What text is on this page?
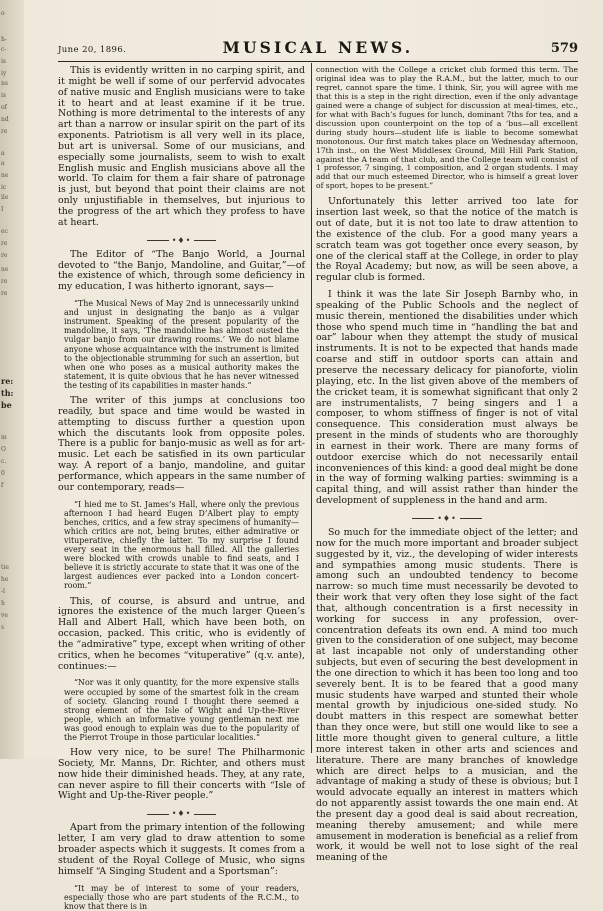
o
h-
c-
is
iy
ns
is
of
nd
re
a
a
ne
ic
ile
I
ec
re
re
ne
re
re
re:
th:
be
m
O
c.
0
f
tie
he
-l
h
ve
s
June 20, 1896.	MUSICAL NEWS.	579

This is evidently written in no carping spirit, and it might be well if some of our perfervid advocates of native music and English musicians were to take it to heart and at least examine if it be true. Nothing is more detrimental to the interests of any art than a narrow or insular spirit on the part of its exponents. Patriotism is all very well in its place, but art is universal. Some of our musicians, and especially some journalists, seem to wish to exalt English music and English musicians above all the world. To claim for them a fair share of patronage is just, but beyond that point their claims are not only unjustifiable in themselves, but injurious to the progress of the art which they profess to have at heart.

•♦•

The Editor of “The Banjo World, a Journal devoted to “the Banjo, Mandoline, and Guitar,”—of the existence of which, through some deficiency in my education, I was hitherto ignorant, says—

“The Musical News of May 2nd is unnecessarily unkind and unjust in designating the banjo as a vulgar instrument. Speaking of the present popularity of the mandoline, it says, ‘The mandoline has almost ousted the vulgar banjo from our drawing rooms.’ We do not blame anyone whose acquaintance with the instrument is limited to the objectionable strumming for such an assertion, but when one who poses as a musical authority makes the statement, it is quite obvious that he has never witnessed the testing of its capabilities in master hands.”

The writer of this jumps at conclusions too readily, but space and time would be wasted in attempting to discuss further a question upon which the discutants look from opposite poles. There is a public for banjo-music as well as for art-music. Let each be satisfied in its own particular way. A report of a banjo, mandoline, and guitar performance, which appears in the same number of our contemporary, reads—

“I hied me to St. James’s Hall, where only the previous afternoon I had heard Eugen D’Albert play to empty benches, critics, and a few stray specimens of humanity—which critics are not, being brutes, either admirative or vituperative, chiefly the latter. To my surprise I found every seat in the enormous hall filled. All the galleries were blocked with crowds unable to find seats, and I believe it is strictly accurate to state that it was one of the largest audiences ever packed into a London concert-room.”

This, of course, is absurd and untrue, and ignores the existence of the much larger Queen’s Hall and Albert Hall, which have been both, on occasion, packed. This critic, who is evidently of the “admirative” type, except when writing of other critics, when he becomes “vituperative” (q.v. ante), continues:—

“Nor was it only quantity, for the more expensive stalls were occupied by some of the smartest folk in the cream of society. Glancing round I thought there seemed a strong element of the Isle of Wight and Up-the-River people, which an informative young gentleman next me was good enough to explain was due to the popularity of the Pierrot Troupe in those particular localities.”

How very nice, to be sure! The Philharmonic Society, Mr. Manns, Dr. Richter, and others must now hide their diminished heads. They, at any rate, can never aspire to fill their concerts with “Isle of Wight and Up-the-River people.”

•♦•

Apart from the primary intention of the following letter, I am very glad to draw attention to some broader aspects which it suggests. It comes from a student of the Royal College of Music, who signs himself “A Singing Student and a Sportsman”:

“It may be of interest to some of your readers, especially those who are part students of the R.C.M., to know that there is in

connection with the College a cricket club formed this term. The original idea was to play the R.A.M., but the latter, much to our regret, cannot spare the time. I think, Sir, you will agree with me that this is a step in the right direction, even if the only advantage gained were a change of subject for discussion at meal-times, etc., for what with Bach’s fugues for lunch, dominant 7ths for tea, and a discussion upon counterpoint on the top of a ‘bus—all excellent during study hours—student life is liable to become somewhat monotonous. Our first match takes place on Wednesday afternoon, 17th inst., on the West Middlesex Ground, Mill Hill Park Station, against the A team of that club, and the College team will consist of 1 professor, 7 singing, 1 composition, and 2 organ students. I may add that our much esteemed Director, who is himself a great lover of sport, hopes to be present.”

Unfortunately this letter arrived too late for insertion last week, so that the notice of the match is out of date, but it is not too late to draw attention to the existence of the club. For a good many years a scratch team was got together once every season, by one of the clerical staff at the College, in order to play the Royal Academy; but now, as will be seen above, a regular club is formed.

I think it was the late Sir Joseph Barnby who, in speaking of the Public Schools and the neglect of music therein, mentioned the disabilities under which those who spend much time in “handling the bat and oar” labour when they attempt the study of musical instruments. It is not to be expected that hands made coarse and stiff in outdoor sports can attain and preserve the necessary delicacy for pianoforte, violin playing, etc. In the list given above of the members of the cricket team, it is somewhat significant that only 2 are instrumentalists, 7 being singers and 1 a composer, to whom stiffness of finger is not of vital consequence. This consideration must always be present in the minds of students who are thoroughly in earnest in their work. There are many forms of outdoor exercise which do not necessarily entail inconveniences of this kind: a good deal might be done in the way of forming walking parties: swimming is a capital thing, and will assist rather than hinder the development of suppleness in the hand and arm.

•♦•

So much for the immediate object of the letter; and now for the much more important and broader subject suggested by it, viz., the developing of wider interests and sympathies among music students. There is among such an undoubted tendency to become narrow: so much time must necessarily be devoted to their work that very often they lose sight of the fact that, although concentration is a first necessity in working for success in any profession, over-concentration defeats its own end. A mind too much given to the consideration of one subject, may become at last incapable not only of understanding other subjects, but even of securing the best development in the one direction to which it has been too long and too severely bent. It is to be feared that a good many music students have warped and stunted their whole mental growth by injudicious one-sided study. No doubt matters in this respect are somewhat better than they once were, but still one would like to see a little more thought given to general culture, a little more interest taken in other arts and sciences and literature. There are many branches of knowledge which are direct helps to a musician, and the advantage of making a study of these is obvious; but I would advocate equally an interest in matters which do not apparently assist towards the one main end. At the present day a good deal is said about recreation, meaning thereby amusement; and while mere amusement in moderation is beneficial as a relief from work, it would be well not to lose sight of the real meaning of the
